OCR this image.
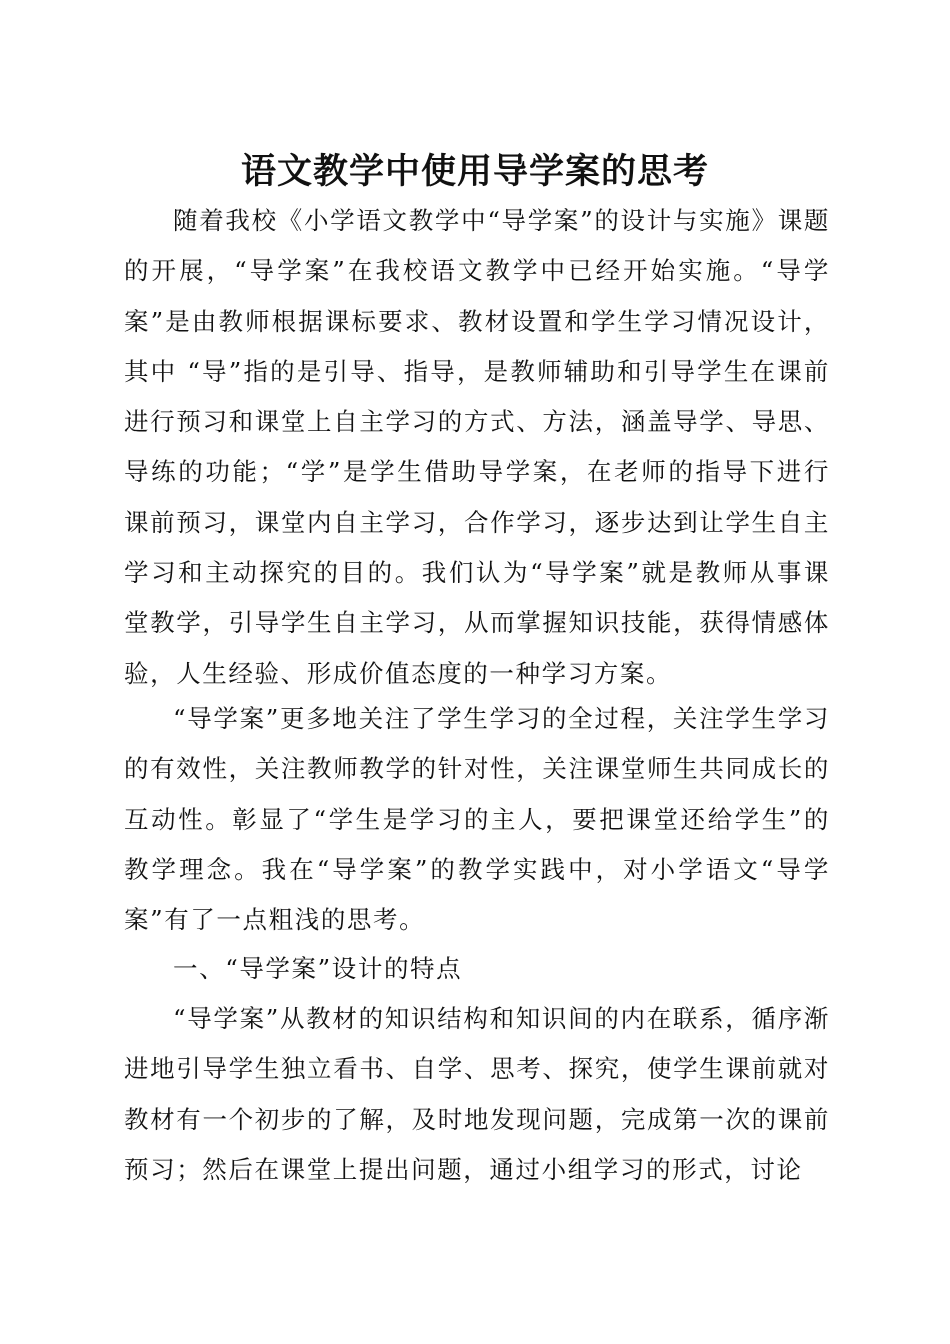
语文教学中使用导学案的思考

随着我校《小学语文教学中“导学案”的设计与实施》课题的开展，“导学案”在我校语文教学中已经开始实施。“导学案”是由教师根据课标要求、教材设置和学生学习情况设计，其中 “导”指的是引导、指导，是教师辅助和引导学生在课前进行预习和课堂上自主学习的方式、方法，涵盖导学、导思、导练的功能；“学”是学生借助导学案，在老师的指导下进行课前预习，课堂内自主学习，合作学习，逐步达到让学生自主学习和主动探究的目的。我们认为“导学案”就是教师从事课堂教学，引导学生自主学习，从而掌握知识技能，获得情感体验，人生经验、形成价值态度的一种学习方案。

“导学案”更多地关注了学生学习的全过程，关注学生学习的有效性，关注教师教学的针对性，关注课堂师生共同成长的互动性。彰显了“学生是学习的主人，要把课堂还给学生”的教学理念。我在“导学案”的教学实践中，对小学语文“导学案”有了一点粗浅的思考。

一、“导学案”设计的特点

“导学案”从教材的知识结构和知识间的内在联系，循序渐进地引导学生独立看书、自学、思考、探究，使学生课前就对教材有一个初步的了解，及时地发现问题，完成第一次的课前预习；然后在课堂上提出问题，通过小组学习的形式，讨论
